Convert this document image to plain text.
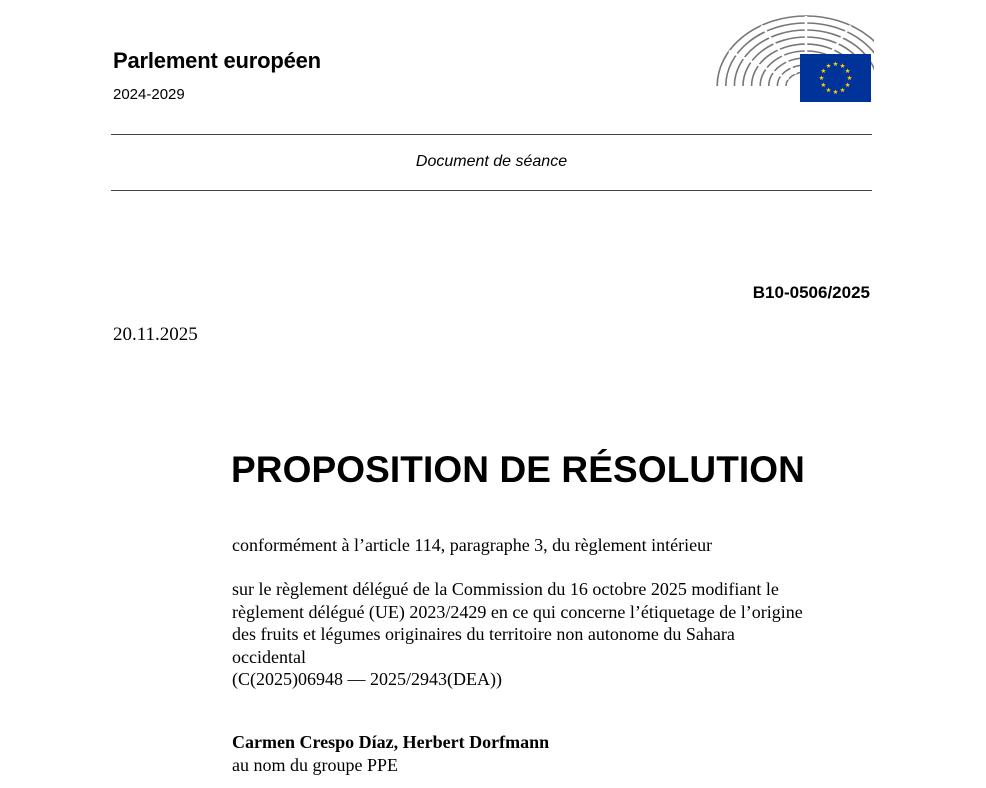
Parlement européen
2024-2029
Document de séance
B10-0506/2025
20.11.2025
PROPOSITION DE RÉSOLUTION
conformément à l’article 114, paragraphe 3, du règlement intérieur
sur le règlement délégué de la Commission du 16 octobre 2025 modifiant le
règlement délégué (UE) 2023/2429 en ce qui concerne l’étiquetage de l’origine
des fruits et légumes originaires du territoire non autonome du Sahara
occidental
(C(2025)06948 — 2025/2943(DEA))
Carmen Crespo Díaz, Herbert Dorfmann
au nom du groupe PPE
